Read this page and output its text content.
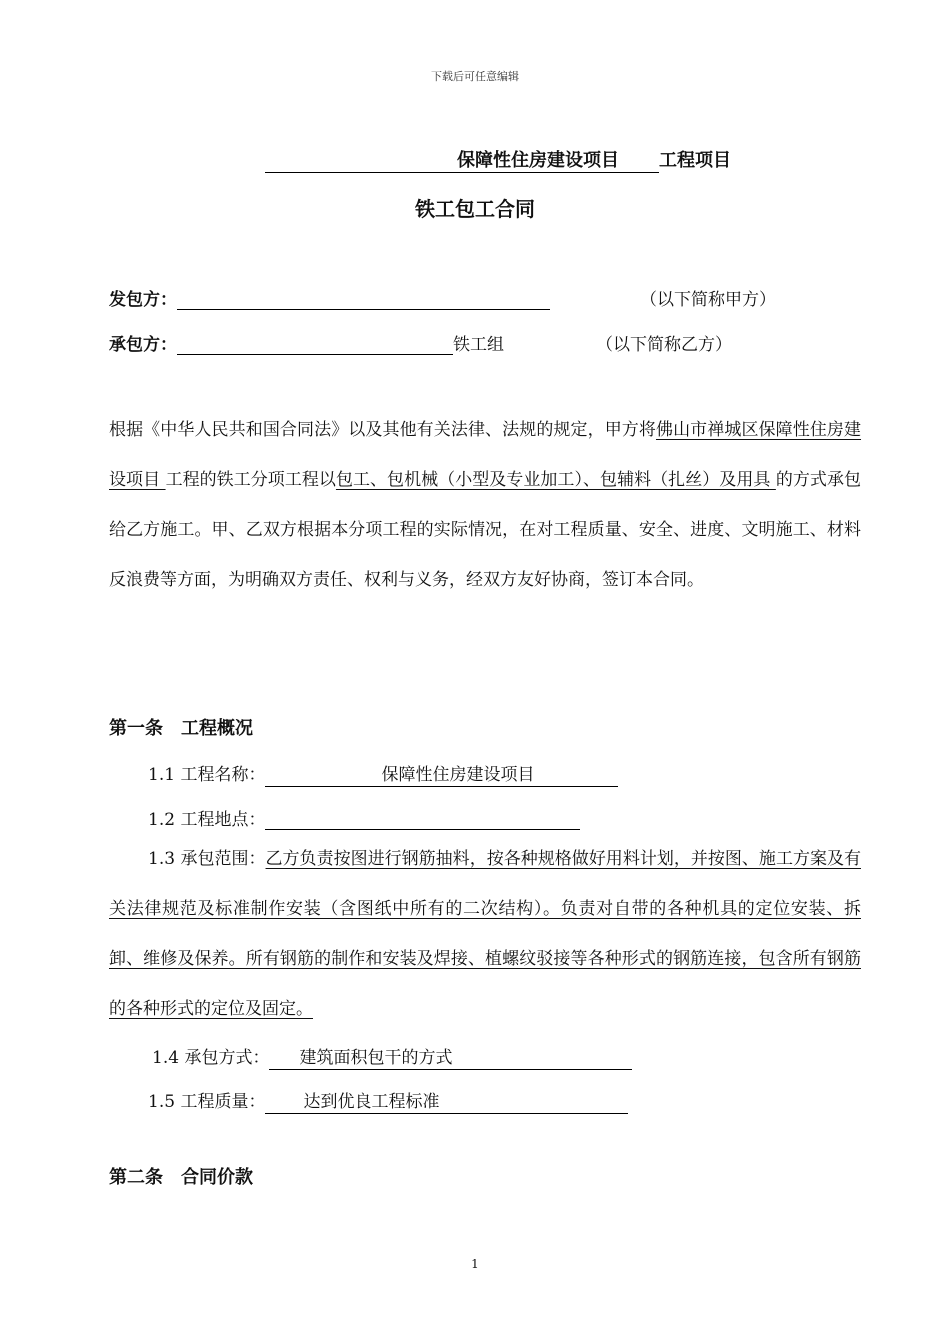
下载后可任意编辑
保障性住房建设项目 工程项目
铁工包工合同
发包方：	（以下简称甲方）
承包方：	铁工组	（以下简称乙方）
根据《中华人民共和国合同法》以及其他有关法律、法规的规定，甲方将佛山市禅城区保障性住房建设项目 工程的铁工分项工程以包工、包机械（小型及专业加工）、包辅料（扎丝）及用具 的方式承包给乙方施工。甲、乙双方根据本分项工程的实际情况，在对工程质量、安全、进度、文明施工、材料反浪费等方面，为明确双方责任、权利与义务，经双方友好协商，签订本合同。
第一条　工程概况
1.1 工程名称：	保障性住房建设项目
1.2 工程地点：
1.3 承包范围：乙方负责按图进行钢筋抽料，按各种规格做好用料计划，并按图、施工方案及有关法律规范及标准制作安装（含图纸中所有的二次结构）。负责对自带的各种机具的定位安装、拆卸、维修及保养。所有钢筋的制作和安装及焊接、植螺纹驳接等各种形式的钢筋连接，包含所有钢筋的各种形式的定位及固定。
1.4 承包方式： 建筑面积包干的方式
1.5 工程质量： 达到优良工程标准
第二条　合同价款
1
